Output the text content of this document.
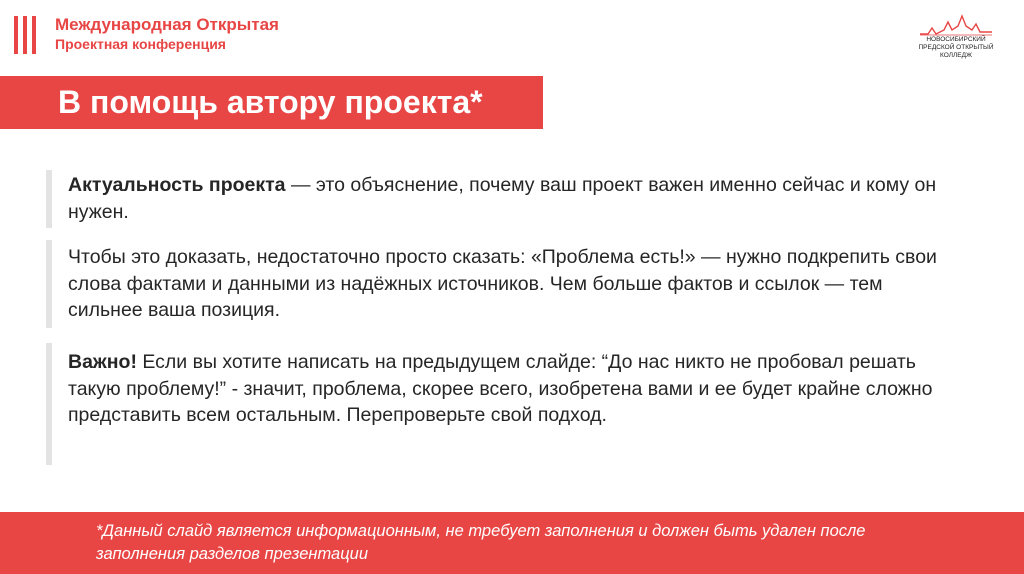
Международная Открытая
Проектная конференция	НОВОСИБИРСКИЙ ПРЕДСКОЙ ОТКРЫТЫЙ КОЛЛЕДЖ
В помощь автору проекта*

Актуальность проекта — это объяснение, почему ваш проект важен именно сейчас и кому он нужен.

Чтобы это доказать, недостаточно просто сказать: «Проблема есть!» — нужно подкрепить свои слова фактами и данными из надёжных источников. Чем больше фактов и ссылок — тем сильнее ваша позиция.

Важно! Если вы хотите написать на предыдущем слайде: “До нас никто не пробовал решать такую проблему!” - значит, проблема, скорее всего, изобретена вами и ее будет крайне сложно представить всем остальным. Перепроверьте свой подход.

*Данный слайд является информационным, не требует заполнения и должен быть удален после заполнения разделов презентации
